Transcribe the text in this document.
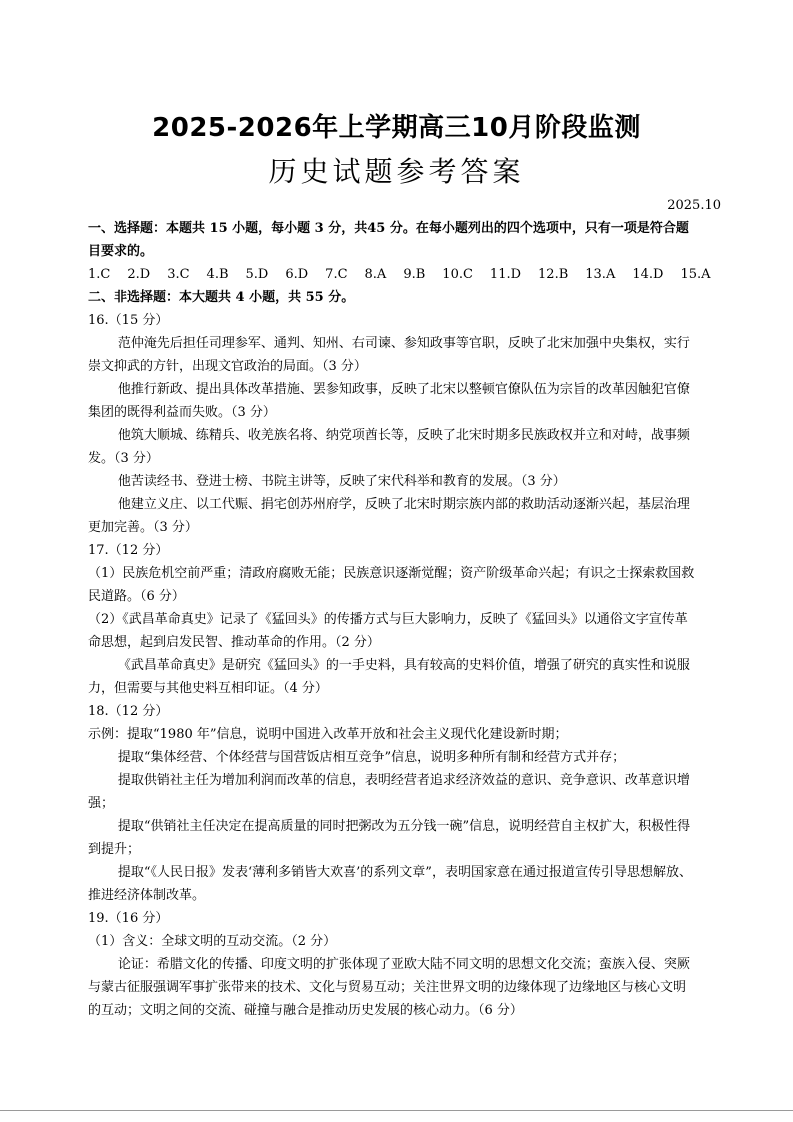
2025-2026年上学期高三10月阶段监测
历史试题参考答案
2025.10

一、选择题：本题共 15 小题，每小题 3 分，共45 分。在每小题列出的四个选项中，只有一项是符合题目要求的。

1.C 2.D 3.C 4.B 5.D 6.D 7.C 8.A 9.B 10.C 11.D 12.B 13.A 14.D 15.A

二、非选择题：本大题共 4 小题，共 55 分。

16.（15 分）

范仲淹先后担任司理参军、通判、知州、右司谏、参知政事等官职，反映了北宋加强中央集权，实行崇文抑武的方针，出现文官政治的局面。（3 分）

他推行新政、提出具体改革措施、罢参知政事，反映了北宋以整顿官僚队伍为宗旨的改革因触犯官僚集团的既得利益而失败。（3 分）

他筑大顺城、练精兵、收羌族名将、纳党项酋长等，反映了北宋时期多民族政权并立和对峙，战事频发。（3 分）

他苦读经书、登进士榜、书院主讲等，反映了宋代科举和教育的发展。（3 分）

他建立义庄、以工代赈、捐宅创苏州府学，反映了北宋时期宗族内部的救助活动逐渐兴起，基层治理更加完善。（3 分）

17.（12 分）

（1）民族危机空前严重；清政府腐败无能；民族意识逐渐觉醒；资产阶级革命兴起；有识之士探索救国救民道路。（6 分）

（2）《武昌革命真史》记录了《猛回头》的传播方式与巨大影响力，反映了《猛回头》以通俗文字宣传革命思想，起到启发民智、推动革命的作用。（2 分）

《武昌革命真史》是研究《猛回头》的一手史料，具有较高的史料价值，增强了研究的真实性和说服力，但需要与其他史料互相印证。（4 分）

18.（12 分）

示例：提取“1980 年”信息，说明中国进入改革开放和社会主义现代化建设新时期；

提取“集体经营、个体经营与国营饭店相互竞争”信息，说明多种所有制和经营方式并存；

提取供销社主任为增加利润而改革的信息，表明经营者追求经济效益的意识、竞争意识、改革意识增强；

提取“供销社主任决定在提高质量的同时把粥改为五分钱一碗”信息，说明经营自主权扩大，积极性得到提升；

提取“《人民日报》发表‘薄利多销皆大欢喜’的系列文章”，表明国家意在通过报道宣传引导思想解放、推进经济体制改革。

19.（16 分）

（1）含义：全球文明的互动交流。（2 分）

论证：希腊文化的传播、印度文明的扩张体现了亚欧大陆不同文明的思想文化交流；蛮族入侵、突厥与蒙古征服强调军事扩张带来的技术、文化与贸易互动；关注世界文明的边缘体现了边缘地区与核心文明的互动；文明之间的交流、碰撞与融合是推动历史发展的核心动力。（6 分）
